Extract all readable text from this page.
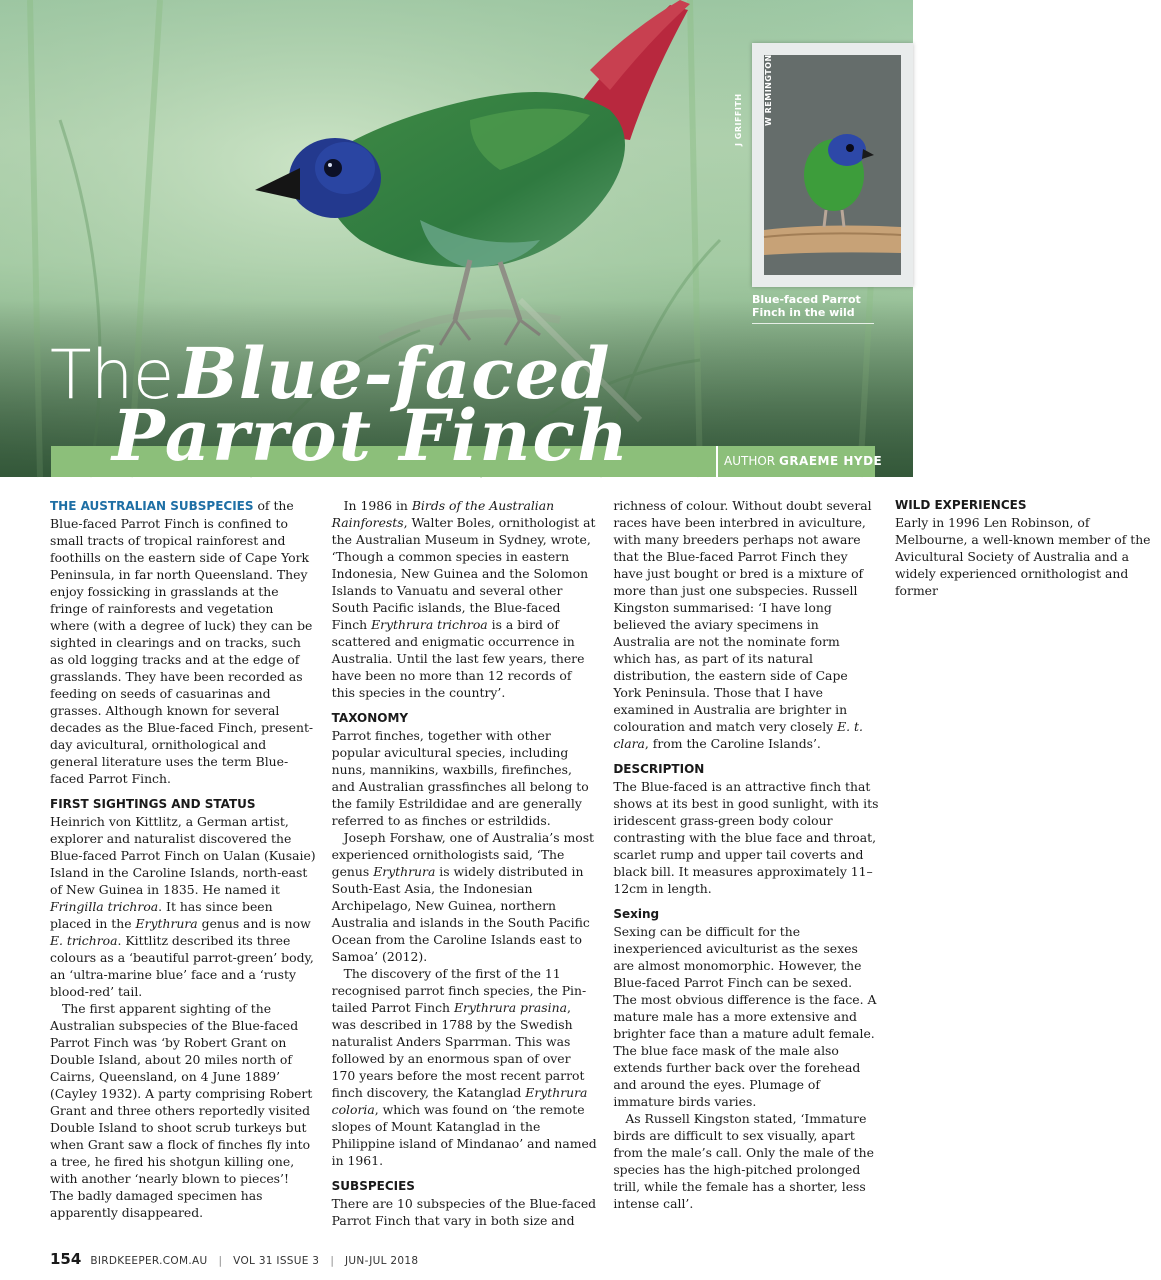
J GRIFFITH	W REMINGTON
Blue-faced Parrot Finch in the wild
AUTHOR GRAEME HYDE
The Blue-faced
Parrot Finch

THE AUSTRALIAN SUBSPECIES of the Blue-faced Parrot Finch is confined to small tracts of tropical rainforest and foothills on the eastern side of Cape York Peninsula, in far north Queensland. They enjoy fossicking in grasslands at the fringe of rainforests and vegetation where (with a degree of luck) they can be sighted in clearings and on tracks, such as old logging tracks and at the edge of grasslands. They have been recorded as feeding on seeds of casuarinas and grasses. Although known for several decades as the Blue-faced Finch, present-day avicultural, ornithological and general literature uses the term Blue-faced Parrot Finch.

FIRST SIGHTINGS AND STATUS

Heinrich von Kittlitz, a German artist, explorer and naturalist discovered the Blue-faced Parrot Finch on Ualan (Kusaie) Island in the Caroline Islands, north-east of New Guinea in 1835. He named it Fringilla trichroa. It has since been placed in the Erythrura genus and is now E. trichroa. Kittlitz described its three colours as a ‘beautiful parrot-green’ body, an ‘ultra-marine blue’ face and a ‘rusty blood-red’ tail.

The first apparent sighting of the Australian subspecies of the Blue-faced Parrot Finch was ‘by Robert Grant on Double Island, about 20 miles north of Cairns, Queensland, on 4 June 1889’ (Cayley 1932). A party comprising Robert Grant and three others reportedly visited Double Island to shoot scrub turkeys but when Grant saw a flock of finches fly into a tree, he fired his shotgun killing one, with another ‘nearly blown to pieces’! The badly damaged specimen has apparently disappeared.

In 1986 in Birds of the Australian Rainforests, Walter Boles, ornithologist at the Australian Museum in Sydney, wrote, ‘Though a common species in eastern Indonesia, New Guinea and the Solomon Islands to Vanuatu and several other South Pacific islands, the Blue-faced Finch Erythrura trichroa is a bird of scattered and enigmatic occurrence in Australia. Until the last few years, there have been no more than 12 records of this species in the country’.

TAXONOMY

Parrot finches, together with other popular avicultural species, including nuns, mannikins, waxbills, firefinches, and Australian grassfinches all belong to the family Estrildidae and are generally referred to as finches or estrildids.

Joseph Forshaw, one of Australia’s most experienced ornithologists said, ‘The genus Erythrura is widely distributed in South-East Asia, the Indonesian Archipelago, New Guinea, northern Australia and islands in the South Pacific Ocean from the Caroline Islands east to Samoa’ (2012).

The discovery of the first of the 11 recognised parrot finch species, the Pin-tailed Parrot Finch Erythrura prasina, was described in 1788 by the Swedish naturalist Anders Sparrman. This was followed by an enormous span of over 170 years before the most recent parrot finch discovery, the Katanglad Erythrura coloria, which was found on ‘the remote slopes of Mount Katanglad in the Philippine island of Mindanao’ and named in 1961.

SUBSPECIES

There are 10 subspecies of the Blue-faced Parrot Finch that vary in both size and richness of colour. Without doubt several races have been interbred in aviculture, with many breeders perhaps not aware that the Blue-faced Parrot Finch they have just bought or bred is a mixture of more than just one subspecies. Russell Kingston summarised: ‘I have long believed the aviary specimens in Australia are not the nominate form which has, as part of its natural distribution, the eastern side of Cape York Peninsula. Those that I have examined in Australia are brighter in colouration and match very closely E. t. clara, from the Caroline Islands’.

DESCRIPTION

The Blue-faced is an attractive finch that shows at its best in good sunlight, with its iridescent grass-green body colour contrasting with the blue face and throat, scarlet rump and upper tail coverts and black bill. It measures approximately 11–12cm in length.

Sexing

Sexing can be difficult for the inexperienced aviculturist as the sexes are almost monomorphic. However, the Blue-faced Parrot Finch can be sexed. The most obvious difference is the face. A mature male has a more extensive and brighter face than a mature adult female. The blue face mask of the male also extends further back over the forehead and around the eyes. Plumage of immature birds varies.

As Russell Kingston stated, ‘Immature birds are difficult to sex visually, apart from the male’s call. Only the male of the species has the high-pitched prolonged trill, while the female has a shorter, less intense call’.

WILD EXPERIENCES

Early in 1996 Len Robinson, of Melbourne, a well-known member of the Avicultural Society of Australia and a widely experienced ornithologist and former

154 BIRDKEEPER.COM.AU | VOL 31 ISSUE 3 | JUN-JUL 2018
